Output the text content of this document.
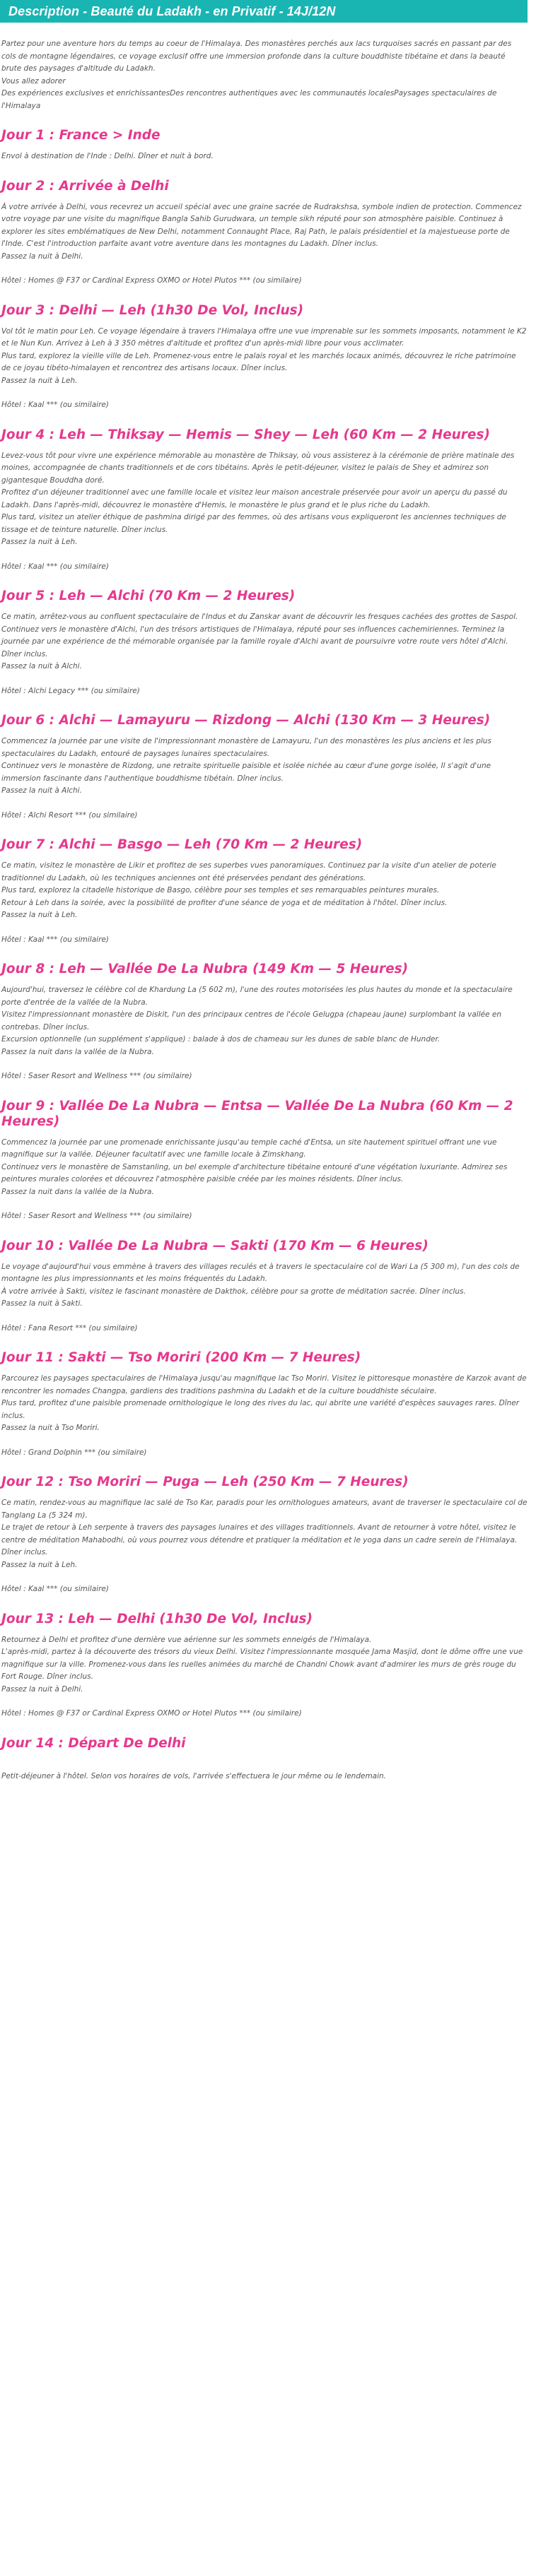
Description - Beauté du Ladakh - en Privatif - 14J/12N

Partez pour une aventure hors du temps au coeur de l'Himalaya. Des monastères perchés aux lacs turquoises sacrés en passant par des cols de montagne légendaires, ce voyage exclusif offre une immersion profonde dans la culture bouddhiste tibétaine et dans la beauté brute des paysages d'altitude du Ladakh.

Vous allez adorer

Des expériences exclusives et enrichissantesDes rencontres authentiques avec les communautés localesPaysages spectaculaires de l'Himalaya

Jour 1 : France > Inde

Envol à destination de l'Inde : Delhi. Dîner et nuit à bord.

Jour 2 : Arrivée à Delhi

À votre arrivée à Delhi, vous recevrez un accueil spécial avec une graine sacrée de Rudrakshsa, symbole indien de protection. Commencez votre voyage par une visite du magnifique Bangla Sahib Gurudwara, un temple sikh réputé pour son atmosphère paisible. Continuez à explorer les sites emblématiques de New Delhi, notamment Connaught Place, Raj Path, le palais présidentiel et la majestueuse porte de l'Inde. C'est l'introduction parfaite avant votre aventure dans les montagnes du Ladakh. Dîner inclus.

Passez la nuit à Delhi.

Hôtel : Homes @ F37 or Cardinal Express OXMO or Hotel Plutos *** (ou similaire)

Jour 3 : Delhi — Leh (1h30 De Vol, Inclus)

Vol tôt le matin pour Leh. Ce voyage légendaire à travers l'Himalaya offre une vue imprenable sur les sommets imposants, notamment le K2 et le Nun Kun. Arrivez à Leh à 3 350 mètres d'altitude et profitez d'un après-midi libre pour vous acclimater.

Plus tard, explorez la vieille ville de Leh. Promenez-vous entre le palais royal et les marchés locaux animés, découvrez le riche patrimoine de ce joyau tibéto-himalayen et rencontrez des artisans locaux. Dîner inclus.

Passez la nuit à Leh.

Hôtel : Kaal *** (ou similaire)

Jour 4 : Leh — Thiksay — Hemis — Shey — Leh (60 Km — 2 Heures)

Levez-vous tôt pour vivre une expérience mémorable au monastère de Thiksay, où vous assisterez à la cérémonie de prière matinale des moines, accompagnée de chants traditionnels et de cors tibétains. Après le petit-déjeuner, visitez le palais de Shey et admirez son gigantesque Bouddha doré.

Profitez d'un déjeuner traditionnel avec une famille locale et visitez leur maison ancestrale préservée pour avoir un aperçu du passé du Ladakh. Dans l'après-midi, découvrez le monastère d'Hemis, le monastère le plus grand et le plus riche du Ladakh.

Plus tard, visitez un atelier éthique de pashmina dirigé par des femmes, où des artisans vous expliqueront les anciennes techniques de tissage et de teinture naturelle. Dîner inclus.

Passez la nuit à Leh.

Hôtel : Kaal *** (ou similaire)

Jour 5 : Leh — Alchi (70 Km — 2 Heures)

Ce matin, arrêtez-vous au confluent spectaculaire de l'Indus et du Zanskar avant de découvrir les fresques cachées des grottes de Saspol.

Continuez vers le monastère d'Alchi, l'un des trésors artistiques de l'Himalaya, réputé pour ses influences cachemiriennes. Terminez la journée par une expérience de thé mémorable organisée par la famille royale d'Alchi avant de poursuivre votre route vers hôtel d'Alchi. Dîner inclus.

Passez la nuit à Alchi.

Hôtel : Alchi Legacy *** (ou similaire)

Jour 6 : Alchi — Lamayuru — Rizdong — Alchi (130 Km — 3 Heures)

Commencez la journée par une visite de l'impressionnant monastère de Lamayuru, l'un des monastères les plus anciens et les plus spectaculaires du Ladakh, entouré de paysages lunaires spectaculaires.

Continuez vers le monastère de Rizdong, une retraite spirituelle paisible et isolée nichée au cœur d'une gorge isolée, Il s'agit d'une immersion fascinante dans l'authentique bouddhisme tibétain. Dîner inclus.

Passez la nuit à Alchi.

Hôtel : Alchi Resort *** (ou similaire)

Jour 7 : Alchi — Basgo — Leh (70 Km — 2 Heures)

Ce matin, visitez le monastère de Likir et profitez de ses superbes vues panoramiques. Continuez par la visite d'un atelier de poterie traditionnel du Ladakh, où les techniques anciennes ont été préservées pendant des générations.

Plus tard, explorez la citadelle historique de Basgo, célèbre pour ses temples et ses remarquables peintures murales.

Retour à Leh dans la soirée, avec la possibilité de profiter d'une séance de yoga et de méditation à l'hôtel. Dîner inclus.

Passez la nuit à Leh.

Hôtel : Kaal *** (ou similaire)

Jour 8 : Leh — Vallée De La Nubra (149 Km — 5 Heures)

Aujourd'hui, traversez le célèbre col de Khardung La (5 602 m), l'une des routes motorisées les plus hautes du monde et la spectaculaire porte d'entrée de la vallée de la Nubra.

Visitez l'impressionnant monastère de Diskit, l'un des principaux centres de l'école Gelugpa (chapeau jaune) surplombant la vallée en contrebas. Dîner inclus.

Excursion optionnelle (un supplément s'applique) : balade à dos de chameau sur les dunes de sable blanc de Hunder.

Passez la nuit dans la vallée de la Nubra.

Hôtel : Saser Resort and Wellness *** (ou similaire)

Jour 9 : Vallée De La Nubra — Entsa — Vallée De La Nubra (60 Km — 2 Heures)

Commencez la journée par une promenade enrichissante jusqu'au temple caché d'Entsa, un site hautement spirituel offrant une vue magnifique sur la vallée. Déjeuner facultatif avec une famille locale à Zimskhang.

Continuez vers le monastère de Samstanling, un bel exemple d'architecture tibétaine entouré d'une végétation luxuriante. Admirez ses peintures murales colorées et découvrez l'atmosphère paisible créée par les moines résidents. Dîner inclus.

Passez la nuit dans la vallée de la Nubra.

Hôtel : Saser Resort and Wellness *** (ou similaire)

Jour 10 : Vallée De La Nubra — Sakti (170 Km — 6 Heures)

Le voyage d'aujourd'hui vous emmène à travers des villages reculés et à travers le spectaculaire col de Wari La (5 300 m), l'un des cols de montagne les plus impressionnants et les moins fréquentés du Ladakh.

À votre arrivée à Sakti, visitez le fascinant monastère de Dakthok, célèbre pour sa grotte de méditation sacrée. Dîner inclus.

Passez la nuit à Sakti.

Hôtel : Fana Resort *** (ou similaire)

Jour 11 : Sakti — Tso Moriri (200 Km — 7 Heures)

Parcourez les paysages spectaculaires de l'Himalaya jusqu'au magnifique lac Tso Moriri. Visitez le pittoresque monastère de Karzok avant de rencontrer les nomades Changpa, gardiens des traditions pashmina du Ladakh et de la culture bouddhiste séculaire.

Plus tard, profitez d'une paisible promenade ornithologique le long des rives du lac, qui abrite une variété d'espèces sauvages rares. Dîner inclus.

Passez la nuit à Tso Moriri.

Hôtel : Grand Dolphin *** (ou similaire)

Jour 12 : Tso Moriri — Puga — Leh (250 Km — 7 Heures)

Ce matin, rendez-vous au magnifique lac salé de Tso Kar, paradis pour les ornithologues amateurs, avant de traverser le spectaculaire col de Tanglang La (5 324 m).

Le trajet de retour à Leh serpente à travers des paysages lunaires et des villages traditionnels. Avant de retourner à votre hôtel, visitez le centre de méditation Mahabodhi, où vous pourrez vous détendre et pratiquer la méditation et le yoga dans un cadre serein de l'Himalaya. Dîner inclus.

Passez la nuit à Leh.

Hôtel : Kaal *** (ou similaire)

Jour 13 : Leh — Delhi (1h30 De Vol, Inclus)

Retournez à Delhi et profitez d'une dernière vue aérienne sur les sommets enneigés de l'Himalaya.

L'après-midi, partez à la découverte des trésors du vieux Delhi. Visitez l'impressionnante mosquée Jama Masjid, dont le dôme offre une vue magnifique sur la ville. Promenez-vous dans les ruelles animées du marché de Chandni Chowk avant d'admirer les murs de grès rouge du Fort Rouge. Dîner inclus.

Passez la nuit à Delhi.

Hôtel : Homes @ F37 or Cardinal Express OXMO or Hotel Plutos *** (ou similaire)

Jour 14 : Départ De Delhi

Petit-déjeuner à l'hôtel. Selon vos horaires de vols, l'arrivée s'effectuera le jour même ou le lendemain.
